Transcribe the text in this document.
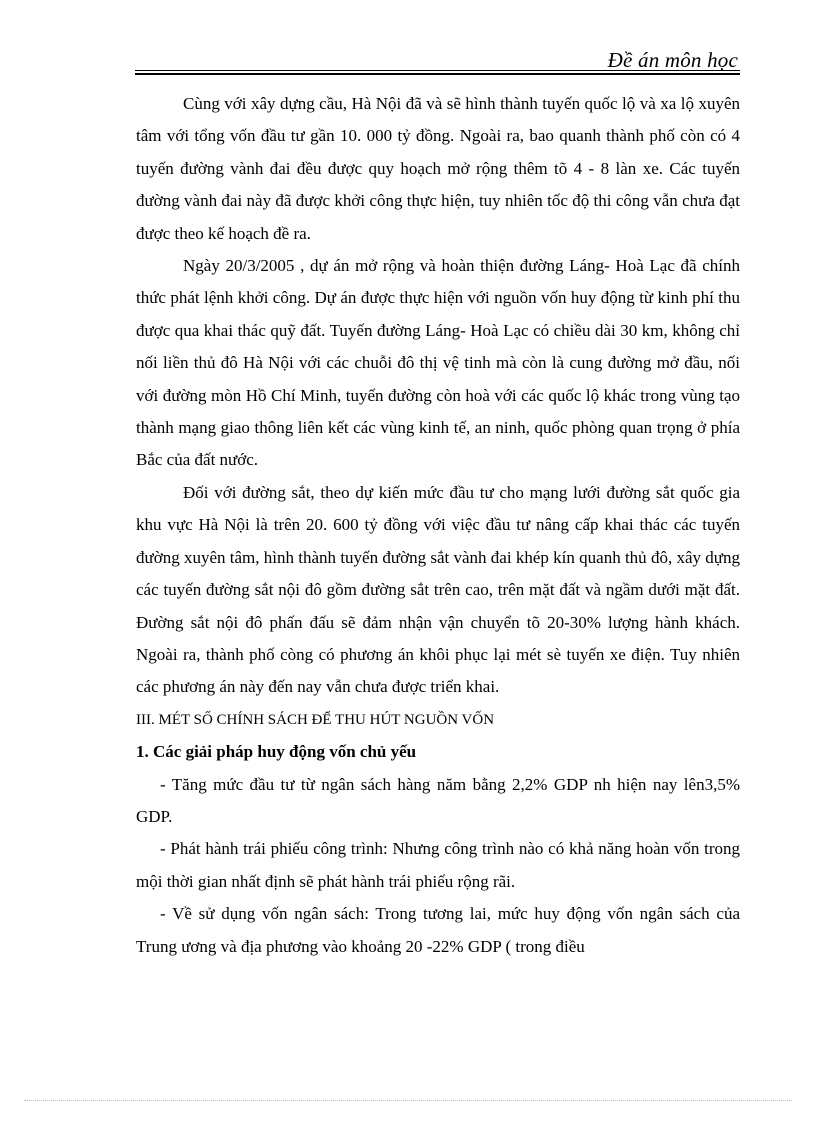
Đề án môn học

Cùng với xây dựng cầu, Hà Nội đã và sẽ hình thành tuyến quốc lộ và xa lộ xuyên tâm với tổng vốn đầu tư gần 10. 000 tỷ đồng. Ngoài ra, bao quanh thành phố còn có 4 tuyến đường vành đai đều được quy hoạch mở rộng thêm tõ 4 - 8 làn xe. Các tuyến đường vành đai này đã được khởi công thực hiện, tuy nhiên tốc độ thi công vẫn chưa đạt được theo kế hoạch đề ra.

Ngày 20/3/2005 , dự án mở rộng và hoàn thiện đường Láng- Hoà Lạc đã chính thức phát lệnh khởi công. Dự án được thực hiện với nguồn vốn huy động từ kinh phí thu được qua khai thác quỹ đất. Tuyến đường Láng- Hoà Lạc có chiều dài 30 km, không chỉ nối liền thủ đô Hà Nội với các chuỗi đô thị vệ tinh mà còn là cung đường mở đầu, nối với đường mòn Hồ Chí Minh, tuyến đường còn hoà với các quốc lộ khác trong vùng tạo thành mạng giao thông liên kết các vùng kinh tế, an ninh, quốc phòng quan trọng ở phía Bắc của đất nước.

Đối với đường sắt, theo dự kiến mức đầu tư cho mạng lưới đường sắt quốc gia khu vực Hà Nội là trên 20. 600 tỷ đồng với việc đầu tư nâng cấp khai thác các tuyến đường xuyên tâm, hình thành tuyến đường sắt vành đai khép kín quanh thủ đô, xây dựng các tuyến đường sắt nội đô gồm đường sắt trên cao, trên mặt đất và ngầm dưới mặt đất. Đường sắt nội đô phấn đấu sẽ đảm nhận vận chuyển tõ 20-30% lượng hành khách. Ngoài ra, thành phố còng có phương án khôi phục lại mét sè tuyến xe điện. Tuy nhiên các phương án này đến nay vẫn chưa được triển khai.

III. MÉT SỐ CHÍNH SÁCH ĐỂ THU HÚT NGUỒN VỐN

1. Các giải pháp huy động vốn chủ yếu

- Tăng mức đầu tư từ ngân sách hàng năm bằng 2,2% GDP nh hiện nay lên3,5% GDP.

- Phát hành trái phiếu công trình: Nhưng công trình nào có khả năng hoàn vốn trong mội thời gian nhất định sẽ phát hành trái phiếu rộng rãi.

- Về sử dụng vốn ngân sách: Trong tương lai, mức huy động vốn ngân sách của Trung ương và địa phương vào khoảng 20 -22% GDP ( trong điều
